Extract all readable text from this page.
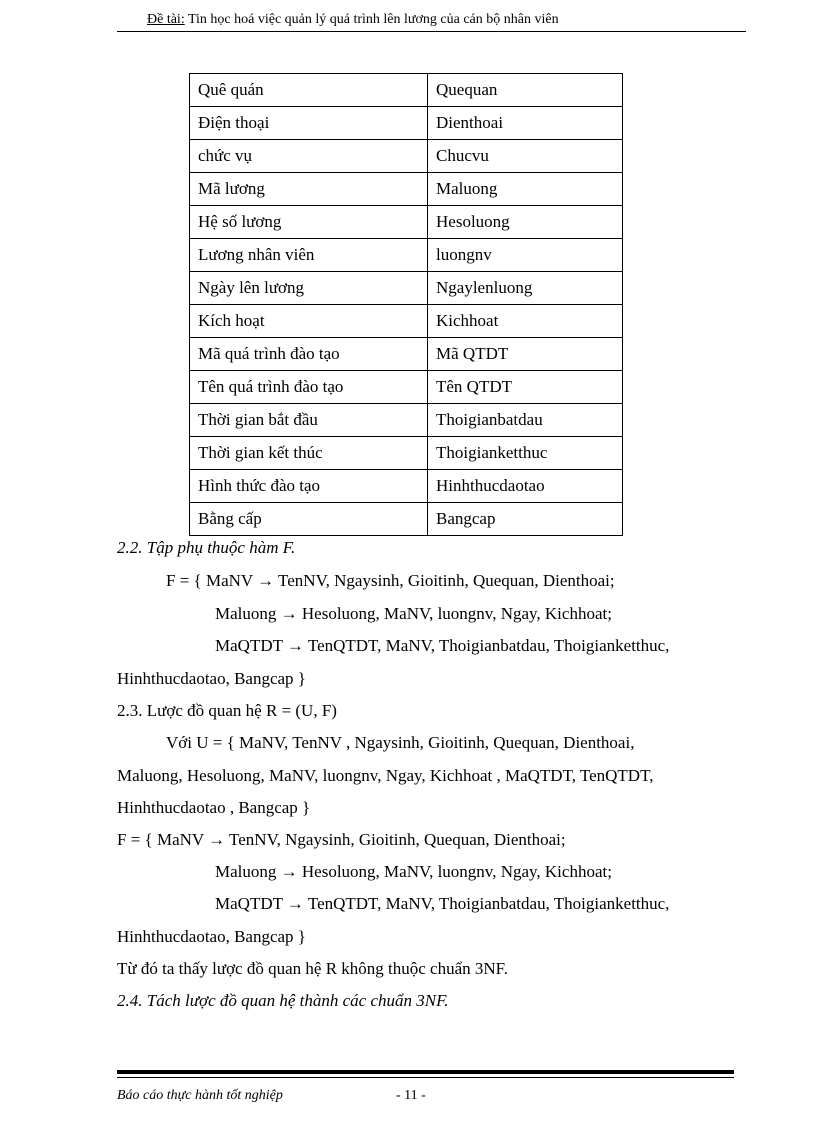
Đề tài: Tin học hoá việc quản lý quá trình lên lương của cán bộ nhân viên
Quê quán	Quequan
Điện thoại	Dienthoai
chức vụ	Chucvu
Mã lương	Maluong
Hệ số lương	Hesoluong
Lương nhân viên	luongnv
Ngày lên lương	Ngaylenluong
Kích hoạt	Kichhoat
Mã quá trình đào tạo	Mã QTDT
Tên quá trình đào tạo	Tên QTDT
Thời gian bắt đầu	Thoigianbatdau
Thời gian kết thúc	Thoigianketthuc
Hình thức đào tạo	Hinhthucdaotao
Bằng cấp	Bangcap
2.2. Tập phụ thuộc hàm F.
F = { MaNV → TenNV, Ngaysinh, Gioitinh, Quequan, Dienthoai;
Maluong → Hesoluong, MaNV, luongnv, Ngay, Kichhoat;
MaQTDT → TenQTDT, MaNV, Thoigianbatdau, Thoigianketthuc,
Hinhthucdaotao, Bangcap }
2.3. Lược đồ quan hệ R = (U, F)
Với U = { MaNV, TenNV , Ngaysinh, Gioitinh, Quequan, Dienthoai,
Maluong, Hesoluong, MaNV, luongnv, Ngay, Kichhoat , MaQTDT, TenQTDT,
Hinhthucdaotao , Bangcap }
F = { MaNV → TenNV, Ngaysinh, Gioitinh, Quequan, Dienthoai;
Maluong → Hesoluong, MaNV, luongnv, Ngay, Kichhoat;
MaQTDT → TenQTDT, MaNV, Thoigianbatdau, Thoigianketthuc,
Hinhthucdaotao, Bangcap }
Từ đó ta thấy lược đồ quan hệ R không thuộc chuẩn 3NF.
2.4. Tách lược đồ quan hệ thành các chuẩn 3NF.
Báo cáo thực hành tốt nghiệp	- 11 -
